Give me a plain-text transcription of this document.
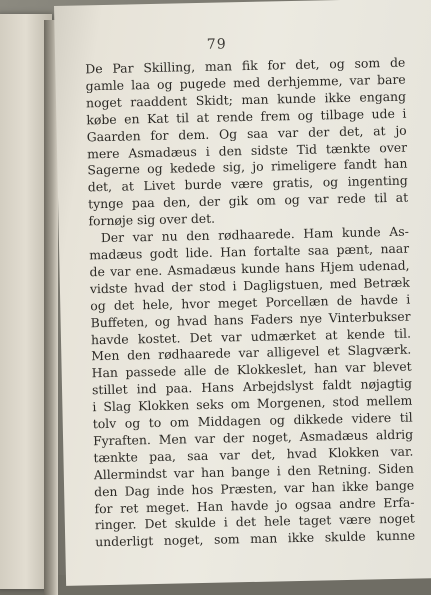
79
De Par Skilling, man fik for det, og som de
gamle laa og pugede med derhjemme, var bare
noget raaddent Skidt; man kunde ikke engang
købe en Kat til at rende frem og tilbage ude i
Gaarden for dem. Og saa var der det, at jo
mere Asmadæus i den sidste Tid tænkte over
Sagerne og kedede sig, jo rimeligere fandt han
det, at Livet burde være gratis, og ingenting
tynge paa den, der gik om og var rede til at
fornøje sig over det.
Der var nu den rødhaarede. Ham kunde As-
madæus godt lide. Han fortalte saa pænt, naar
de var ene. Asmadæus kunde hans Hjem udenad,
vidste hvad der stod i Dagligstuen, med Betræk
og det hele, hvor meget Porcellæn de havde i
Buffeten, og hvad hans Faders nye Vinterbukser
havde kostet. Det var udmærket at kende til.
Men den rødhaarede var alligevel et Slagværk.
Han passede alle de Klokkeslet, han var blevet
stillet ind paa. Hans Arbejdslyst faldt nøjagtig
i Slag Klokken seks om Morgenen, stod mellem
tolv og to om Middagen og dikkede videre til
Fyraften. Men var der noget, Asmadæus aldrig
tænkte paa, saa var det, hvad Klokken var.
Allermindst var han bange i den Retning. Siden
den Dag inde hos Præsten, var han ikke bange
for ret meget. Han havde jo ogsaa andre Erfa-
ringer. Det skulde i det hele taget være noget
underligt noget, som man ikke skulde kunne
